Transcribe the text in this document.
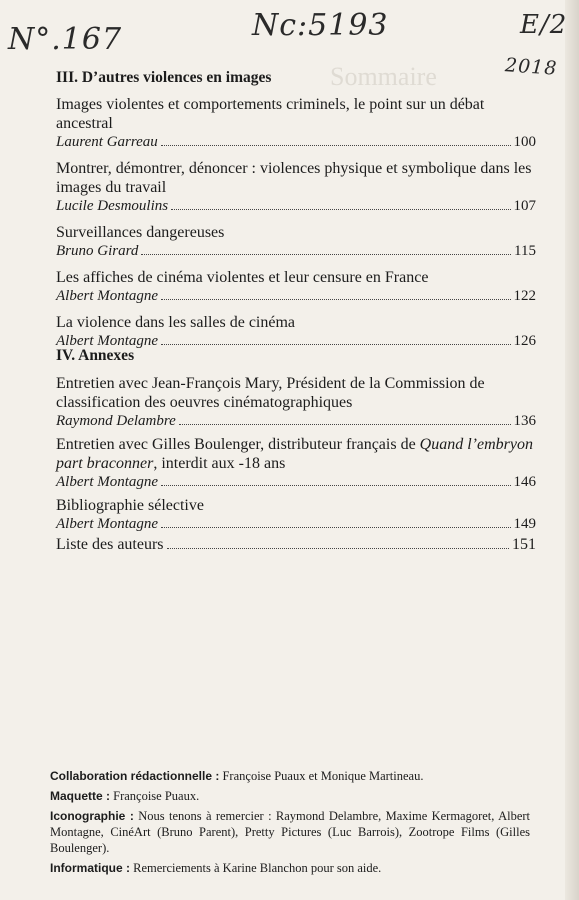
Sommaire
N°.167	Nc:5193	E/2
2018
III. D’autres violences en images
Images violentes et comportements criminels, le point sur un débat ancestral
Laurent Garreau	100
Montrer, démontrer, dénoncer : violences physique et symbolique dans les images du travail
Lucile Desmoulins	107
Surveillances dangereuses
Bruno Girard	115
Les affiches de cinéma violentes et leur censure en France
Albert Montagne	122
La violence dans les salles de cinéma
Albert Montagne	126
IV. Annexes
Entretien avec Jean-François Mary, Président de la Commission de classification des oeuvres cinématographiques
Raymond Delambre	136
Entretien avec Gilles Boulenger, distributeur français de Quand l’embryon part braconner, interdit aux -18 ans
Albert Montagne	146
Bibliographie sélective
Albert Montagne	149
Liste des auteurs	151

Collaboration rédactionnelle : Françoise Puaux et Monique Martineau.

Maquette : Françoise Puaux.

Iconographie : Nous tenons à remercier : Raymond Delambre, Maxime Kermagoret, Albert Montagne, CinéArt (Bruno Parent), Pretty Pictures (Luc Barrois), Zootrope Films (Gilles Boulenger).

Informatique : Remerciements à Karine Blanchon pour son aide.
